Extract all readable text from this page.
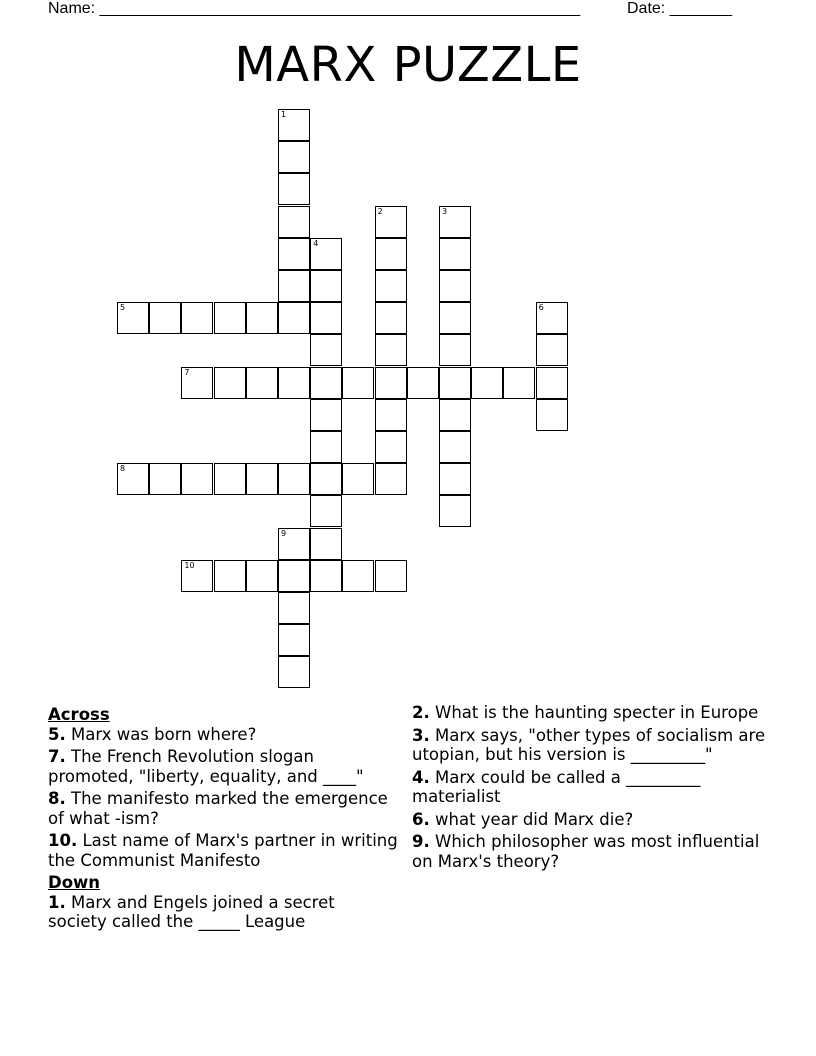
Name: ______________________________________________________	Date: _______
MARX PUZZLE
1
2	3
4
5	6
7
8
9
10
Across
5. Marx was born where?
7. The French Revolution slogan promoted, "liberty, equality, and ____"
8. The manifesto marked the emergence of what -ism?
10. Last name of Marx's partner in writing the Communist Manifesto
Down
1. Marx and Engels joined a secret society called the _____ League
2. What is the haunting specter in Europe
3. Marx says, "other types of socialism are utopian, but his version is _________"
4. Marx could be called a _________ materialist
6. what year did Marx die?
9. Which philosopher was most influential on Marx's theory?
